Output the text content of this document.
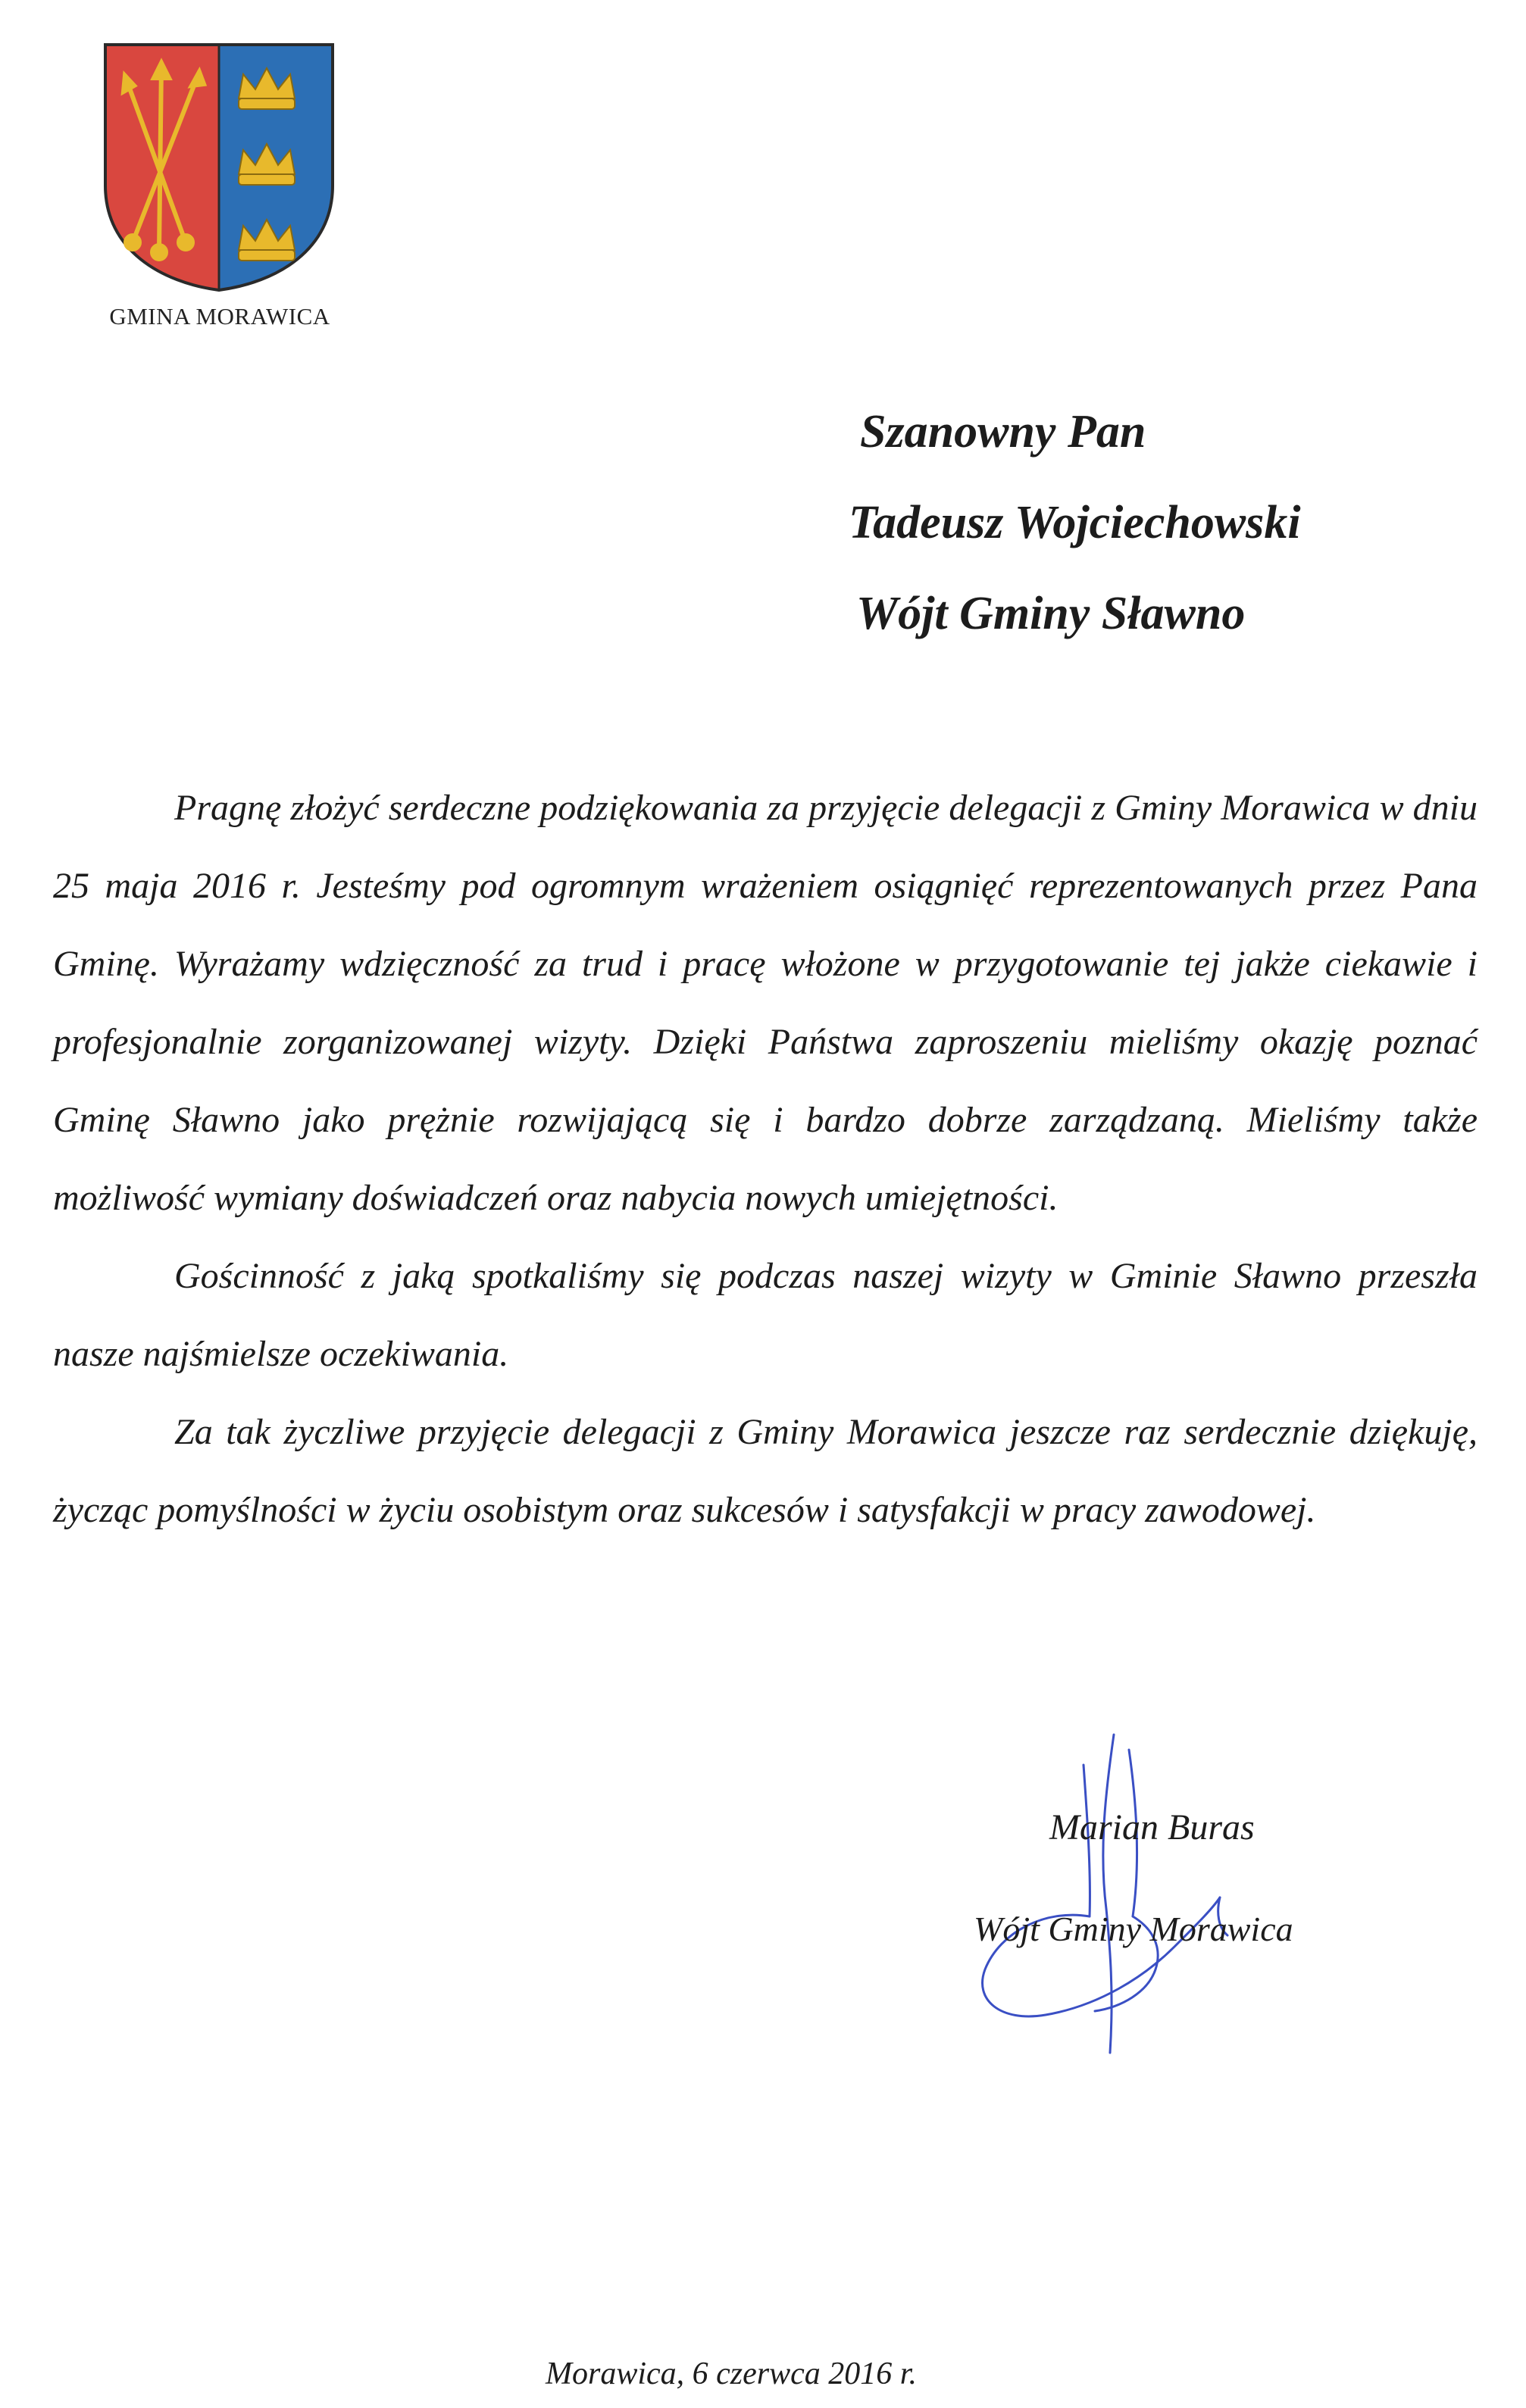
GMINA MORAWICA
Szanowny Pan
Tadeusz Wojciechowski
Wójt Gminy Sławno

Pragnę złożyć serdeczne podziękowania za przyjęcie delegacji z Gminy Morawica w dniu 25 maja 2016 r. Jesteśmy pod ogromnym wrażeniem osiągnięć reprezentowanych przez Pana Gminę. Wyrażamy wdzięczność za trud i pracę włożone w przygotowanie tej jakże ciekawie i profesjonalnie zorganizowanej wizyty. Dzięki Państwa zaproszeniu mieliśmy okazję poznać Gminę Sławno jako prężnie rozwijającą się i bardzo dobrze zarządzaną. Mieliśmy także możliwość wymiany doświadczeń oraz nabycia nowych umiejętności.

Gościnność z jaką spotkaliśmy się podczas naszej wizyty w Gminie Sławno przeszła nasze najśmielsze oczekiwania.

Za tak życzliwe przyjęcie delegacji z Gminy Morawica jeszcze raz serdecznie dziękuję, życząc pomyślności w życiu osobistym oraz sukcesów i satysfakcji w pracy zawodowej.

Marian Buras
Wójt Gminy Morawica
Morawica, 6 czerwca 2016 r.
